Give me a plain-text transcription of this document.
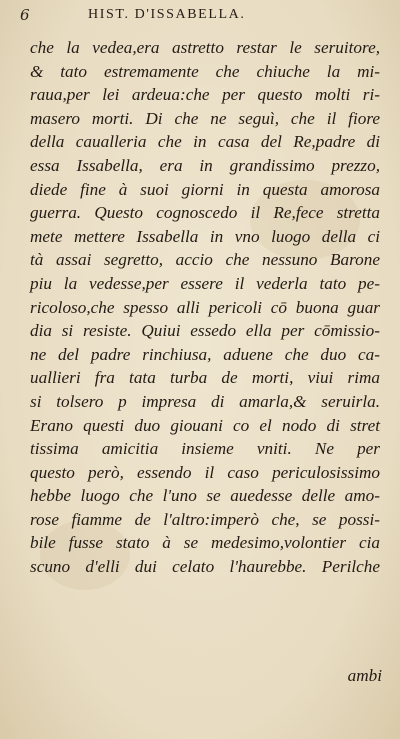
6	HIST. D'ISSABELLA.
che la vedea,era astretto restar le seruitore,
& tato estremamente che chiuche la mi-
raua,per lei ardeua:che per questo molti ri-
masero morti. Di che ne seguì, che il fiore
della caualleria che in casa del Re,padre di
essa Issabella, era in grandissimo prezzo,
diede fine à suoi giorni in questa amorosa
guerra. Questo cognoscedo il Re,fece stretta
mete mettere Issabella in vno luogo della ci
tà assai segretto, accio che nessuno Barone
piu la vedesse,per essere il vederla tato pe-
ricoloso,che spesso alli pericoli cō buona guar
dia si resiste. Quiui essedo ella per cōmissio-
ne del padre rinchiusa, aduene che duo ca-
uallieri fra tata turba de morti, viui rima
si tolsero p impresa di amarla,& seruirla.
Erano questi duo giouani co el nodo di stret
tissima amicitia insieme vniti. Ne per
questo però, essendo il caso periculosissimo
hebbe luogo che l'uno se auedesse delle amo-
rose fiamme de l'altro:imperò che, se possi-
bile fusse stato à se medesimo,volontier cia
scuno d'elli dui celato l'haurebbe. Perilche
ambi
